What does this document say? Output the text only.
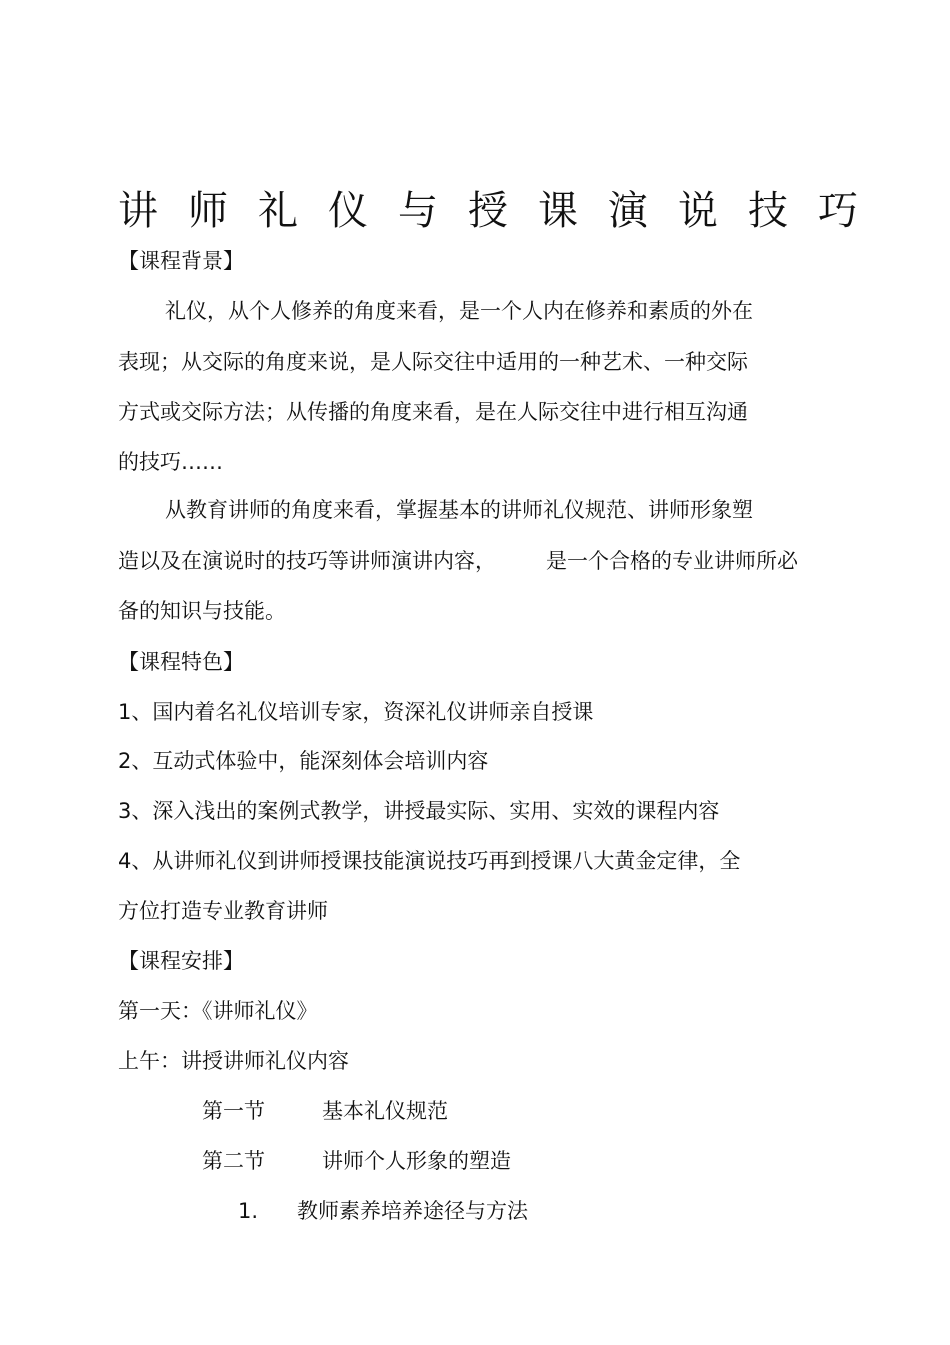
讲师礼仪与授课演说技巧
【课程背景】
礼仪，从个人修养的角度来看，是一个人内在修养和素质的外在
表现；从交际的角度来说，是人际交往中适用的一种艺术、一种交际
方式或交际方法；从传播的角度来看，是在人际交往中进行相互沟通
的技巧……
从教育讲师的角度来看，掌握基本的讲师礼仪规范、讲师形象塑
造以及在演说时的技巧等讲师演讲内容， 是一个合格的专业讲师所必
备的知识与技能。
【课程特色】
1、国内着名礼仪培训专家，资深礼仪讲师亲自授课
2、互动式体验中，能深刻体会培训内容
3、深入浅出的案例式教学，讲授最实际、实用、实效的课程内容
4、从讲师礼仪到讲师授课技能演说技巧再到授课八大黄金定律，全
方位打造专业教育讲师
【课程安排】
第一天：《讲师礼仪》
上午：讲授讲师礼仪内容
第一节	基本礼仪规范
第二节	讲师个人形象的塑造
1. 教师素养培养途径与方法
